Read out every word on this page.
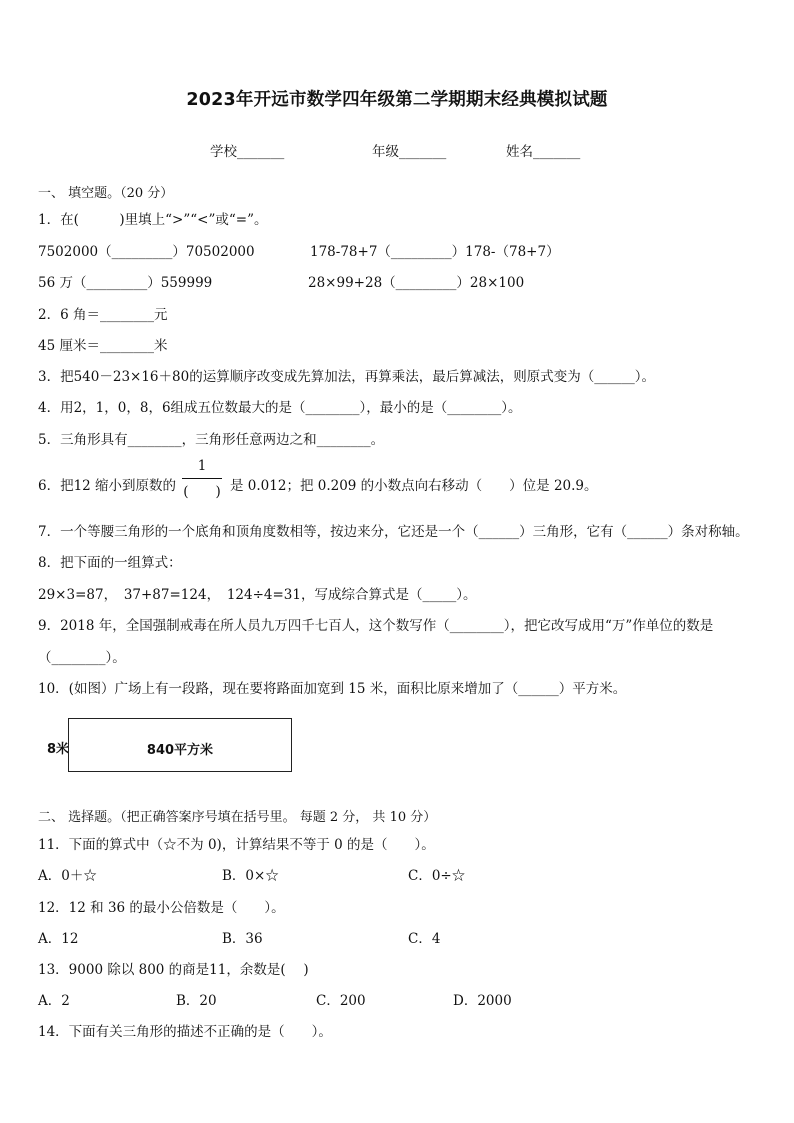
2023年开远市数学四年级第二学期期末经典模拟试题
学校_______	年级_______	姓名_______
一、 填空题。（20 分）
1．在(　　　)里填上“>”“<”或“=”。
7502000（_________）70502000	178-78+7（_________）178-（78+7）
56 万（_________）559999	28×99+28（_________）28×100
2．6 角＝________元
45 厘米＝________米
3．把540－23×16＋80的运算顺序改变成先算加法，再算乘法，最后算减法，则原式变为（______）。
4．用2，1，0，8，6组成五位数最大的是（________），最小的是（________）。
5．三角形具有________，三角形任意两边之和________。
6．把12 缩小到原数的
1
(　　) 是 0.012；把 0.209 的小数点向右移动（　　）位是 20.9。
7．一个等腰三角形的一个底角和顶角度数相等，按边来分，它还是一个（______）三角形，它有（______）条对称轴。
8．把下面的一组算式：
29×3=87，　37+87=124，　124÷4=31，写成综合算式是（_____）。
9．2018 年，全国强制戒毒在所人员九万四千七百人，这个数写作（________），把它改写成用“万”作单位的数是
（________）。
10．(如图）广场上有一段路，现在要将路面加宽到 15 米，面积比原来增加了（______）平方米。
8米	840平方米
二、 选择题。（把正确答案序号填在括号里。 每题 2 分， 共 10 分）
11．下面的算式中（☆不为 0)，计算结果不等于 0 的是（　　）。
A．0＋☆	B．0×☆	C．0÷☆
12．12 和 36 的最小公倍数是（　　）。
A．12	B．36	C．4
13．9000 除以 800 的商是11，余数是(　 )
A．2	B．20	C．200	D．2000
14．下面有关三角形的描述不正确的是（　　）。
